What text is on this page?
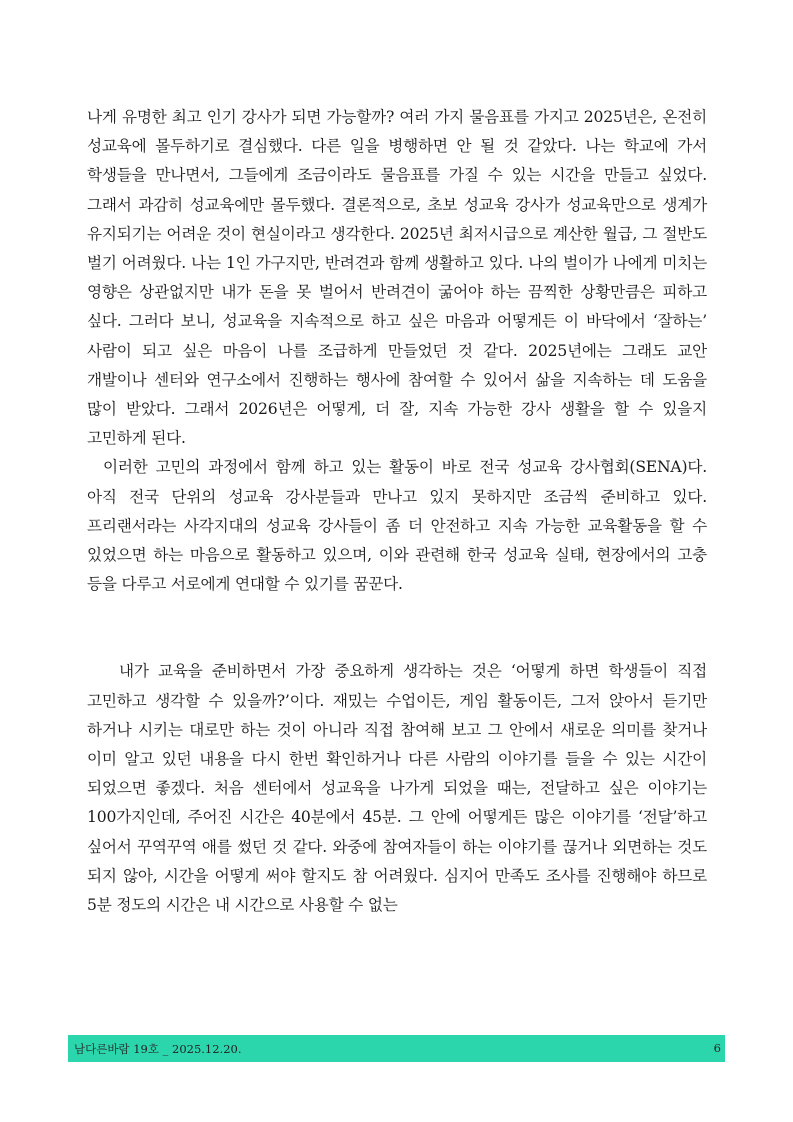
나게 유명한 최고 인기 강사가 되면 가능할까? 여러 가지 물음표를 가지고 2025년은, 온전히 성교육에 몰두하기로 결심했다. 다른 일을 병행하면 안 될 것 같았다. 나는 학교에 가서 학생들을 만나면서, 그들에게 조금이라도 물음표를 가질 수 있는 시간을 만들고 싶었다. 그래서 과감히 성교육에만 몰두했다. 결론적으로, 초보 성교육 강사가 성교육만으로 생계가 유지되기는 어려운 것이 현실이라고 생각한다. 2025년 최저시급으로 계산한 월급, 그 절반도 벌기 어려웠다. 나는 1인 가구지만, 반려견과 함께 생활하고 있다. 나의 벌이가 나에게 미치는 영향은 상관없지만 내가 돈을 못 벌어서 반려견이 굶어야 하는 끔찍한 상황만큼은 피하고 싶다. 그러다 보니, 성교육을 지속적으로 하고 싶은 마음과 어떻게든 이 바닥에서 ‘잘하는’ 사람이 되고 싶은 마음이 나를 조급하게 만들었던 것 같다. 2025년에는 그래도 교안 개발이나 센터와 연구소에서 진행하는 행사에 참여할 수 있어서 삶을 지속하는 데 도움을 많이 받았다. 그래서 2026년은 어떻게, 더 잘, 지속 가능한 강사 생활을 할 수 있을지 고민하게 된다.

이러한 고민의 과정에서 함께 하고 있는 활동이 바로 전국 성교육 강사협회(SENA)다. 아직 전국 단위의 성교육 강사분들과 만나고 있지 못하지만 조금씩 준비하고 있다. 프리랜서라는 사각지대의 성교육 강사들이 좀 더 안전하고 지속 가능한 교육활동을 할 수 있었으면 하는 마음으로 활동하고 있으며, 이와 관련해 한국 성교육 실태, 현장에서의 고충 등을 다루고 서로에게 연대할 수 있기를 꿈꾼다.

내가 교육을 준비하면서 가장 중요하게 생각하는 것은 ‘어떻게 하면 학생들이 직접 고민하고 생각할 수 있을까?’이다. 재밌는 수업이든, 게임 활동이든, 그저 앉아서 듣기만 하거나 시키는 대로만 하는 것이 아니라 직접 참여해 보고 그 안에서 새로운 의미를 찾거나 이미 알고 있던 내용을 다시 한번 확인하거나 다른 사람의 이야기를 들을 수 있는 시간이 되었으면 좋겠다. 처음 센터에서 성교육을 나가게 되었을 때는, 전달하고 싶은 이야기는 100가지인데, 주어진 시간은 40분에서 45분. 그 안에 어떻게든 많은 이야기를 ‘전달’하고 싶어서 꾸역꾸역 애를 썼던 것 같다. 와중에 참여자들이 하는 이야기를 끊거나 외면하는 것도 되지 않아, 시간을 어떻게 써야 할지도 참 어려웠다. 심지어 만족도 조사를 진행해야 하므로 5분 정도의 시간은 내 시간으로 사용할 수 없는

남다른바람 19호 _ 2025.12.20.	6
